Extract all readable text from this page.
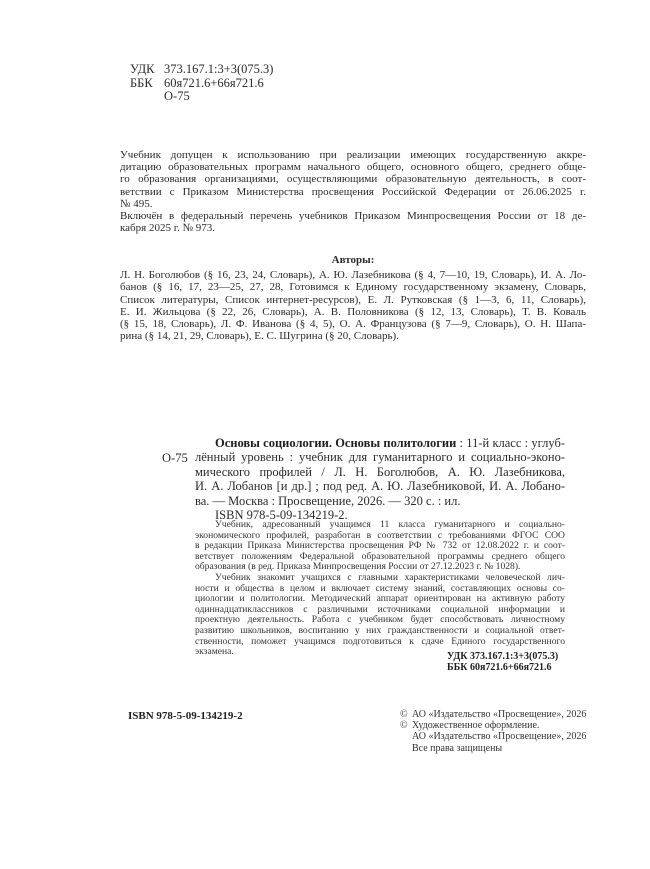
УДК 373.167.1:3+3(075.3)
ББК 60я721.6+66я721.6
О-75
Учебник допущен к использованию при реализации имеющих государственную аккре-
дитацию образовательных программ начального общего, основного общего, среднего обще-
го образования организациями, осуществляющими образовательную деятельность, в соот-
ветствии с Приказом Министерства просвещения Российской Федерации от 26.06.2025 г.
№ 495.
Включён в федеральный перечень учебников Приказом Минпросвещения России от 18 де-
кабря 2025 г. № 973.
Авторы:
Л. Н. Боголюбов (§ 16, 23, 24, Словарь), А. Ю. Лазебникова (§ 4, 7—10, 19, Словарь), И. А. Ло-
банов (§ 16, 17, 23—25, 27, 28, Готовимся к Единому государственному экзамену, Словарь,
Список литературы, Список интернет-ресурсов), Е. Л. Рутковская (§ 1—3, 6, 11, Словарь),
Е. И. Жильцова (§ 22, 26, Словарь), А. В. Половникова (§ 12, 13, Словарь), Т. В. Коваль
(§ 15, 18, Словарь), Л. Ф. Иванова (§ 4, 5), О. А. Французова (§ 7—9, Словарь), О. Н. Шапа-
рина (§ 14, 21, 29, Словарь), Е. С. Шугрина (§ 20, Словарь).
О-75
Основы социологии. Основы политологии : 11-й класс : углуб-
лённый уровень : учебник для гуманитарного и социально-эконо-
мического профилей / Л. Н. Боголюбов, А. Ю. Лазебникова,
И. А. Лобанов [и др.] ; под ред. А. Ю. Лазебниковой, И. А. Лобано-
ва. — Москва : Просвещение, 2026. — 320 с. : ил.
ISBN 978-5-09-134219-2.
Учебник, адресованный учащимся 11 класса гуманитарного и социально-
экономического профилей, разработан в соответствии с требованиями ФГОС СОО
в редакции Приказа Министерства просвещения РФ № 732 от 12.08.2022 г. и соот-
ветствует положениям Федеральной образовательной программы среднего общего
образования (в ред. Приказа Минпросвещения России от 27.12.2023 г. № 1028).
Учебник знакомит учащихся с главными характеристиками человеческой лич-
ности и общества в целом и включает систему знаний, составляющих основы со-
циологии и политологии. Методический аппарат ориентирован на активную работу
одиннадцатиклассников с различными источниками социальной информации и
проектную деятельность. Работа с учебником будет способствовать личностному
развитию школьников, воспитанию у них гражданственности и социальной ответ-
ственности, поможет учащимся подготовиться к сдаче Единого государственного
экзамена.	УДК 373.167.1:3+3(075.3)
ББК 60я721.6+66я721.6
ISBN 978-5-09-134219-2	© АО «Издательство «Просвещение», 2026
© Художественное оформление.
АО «Издательство «Просвещение», 2026
Все права защищены
